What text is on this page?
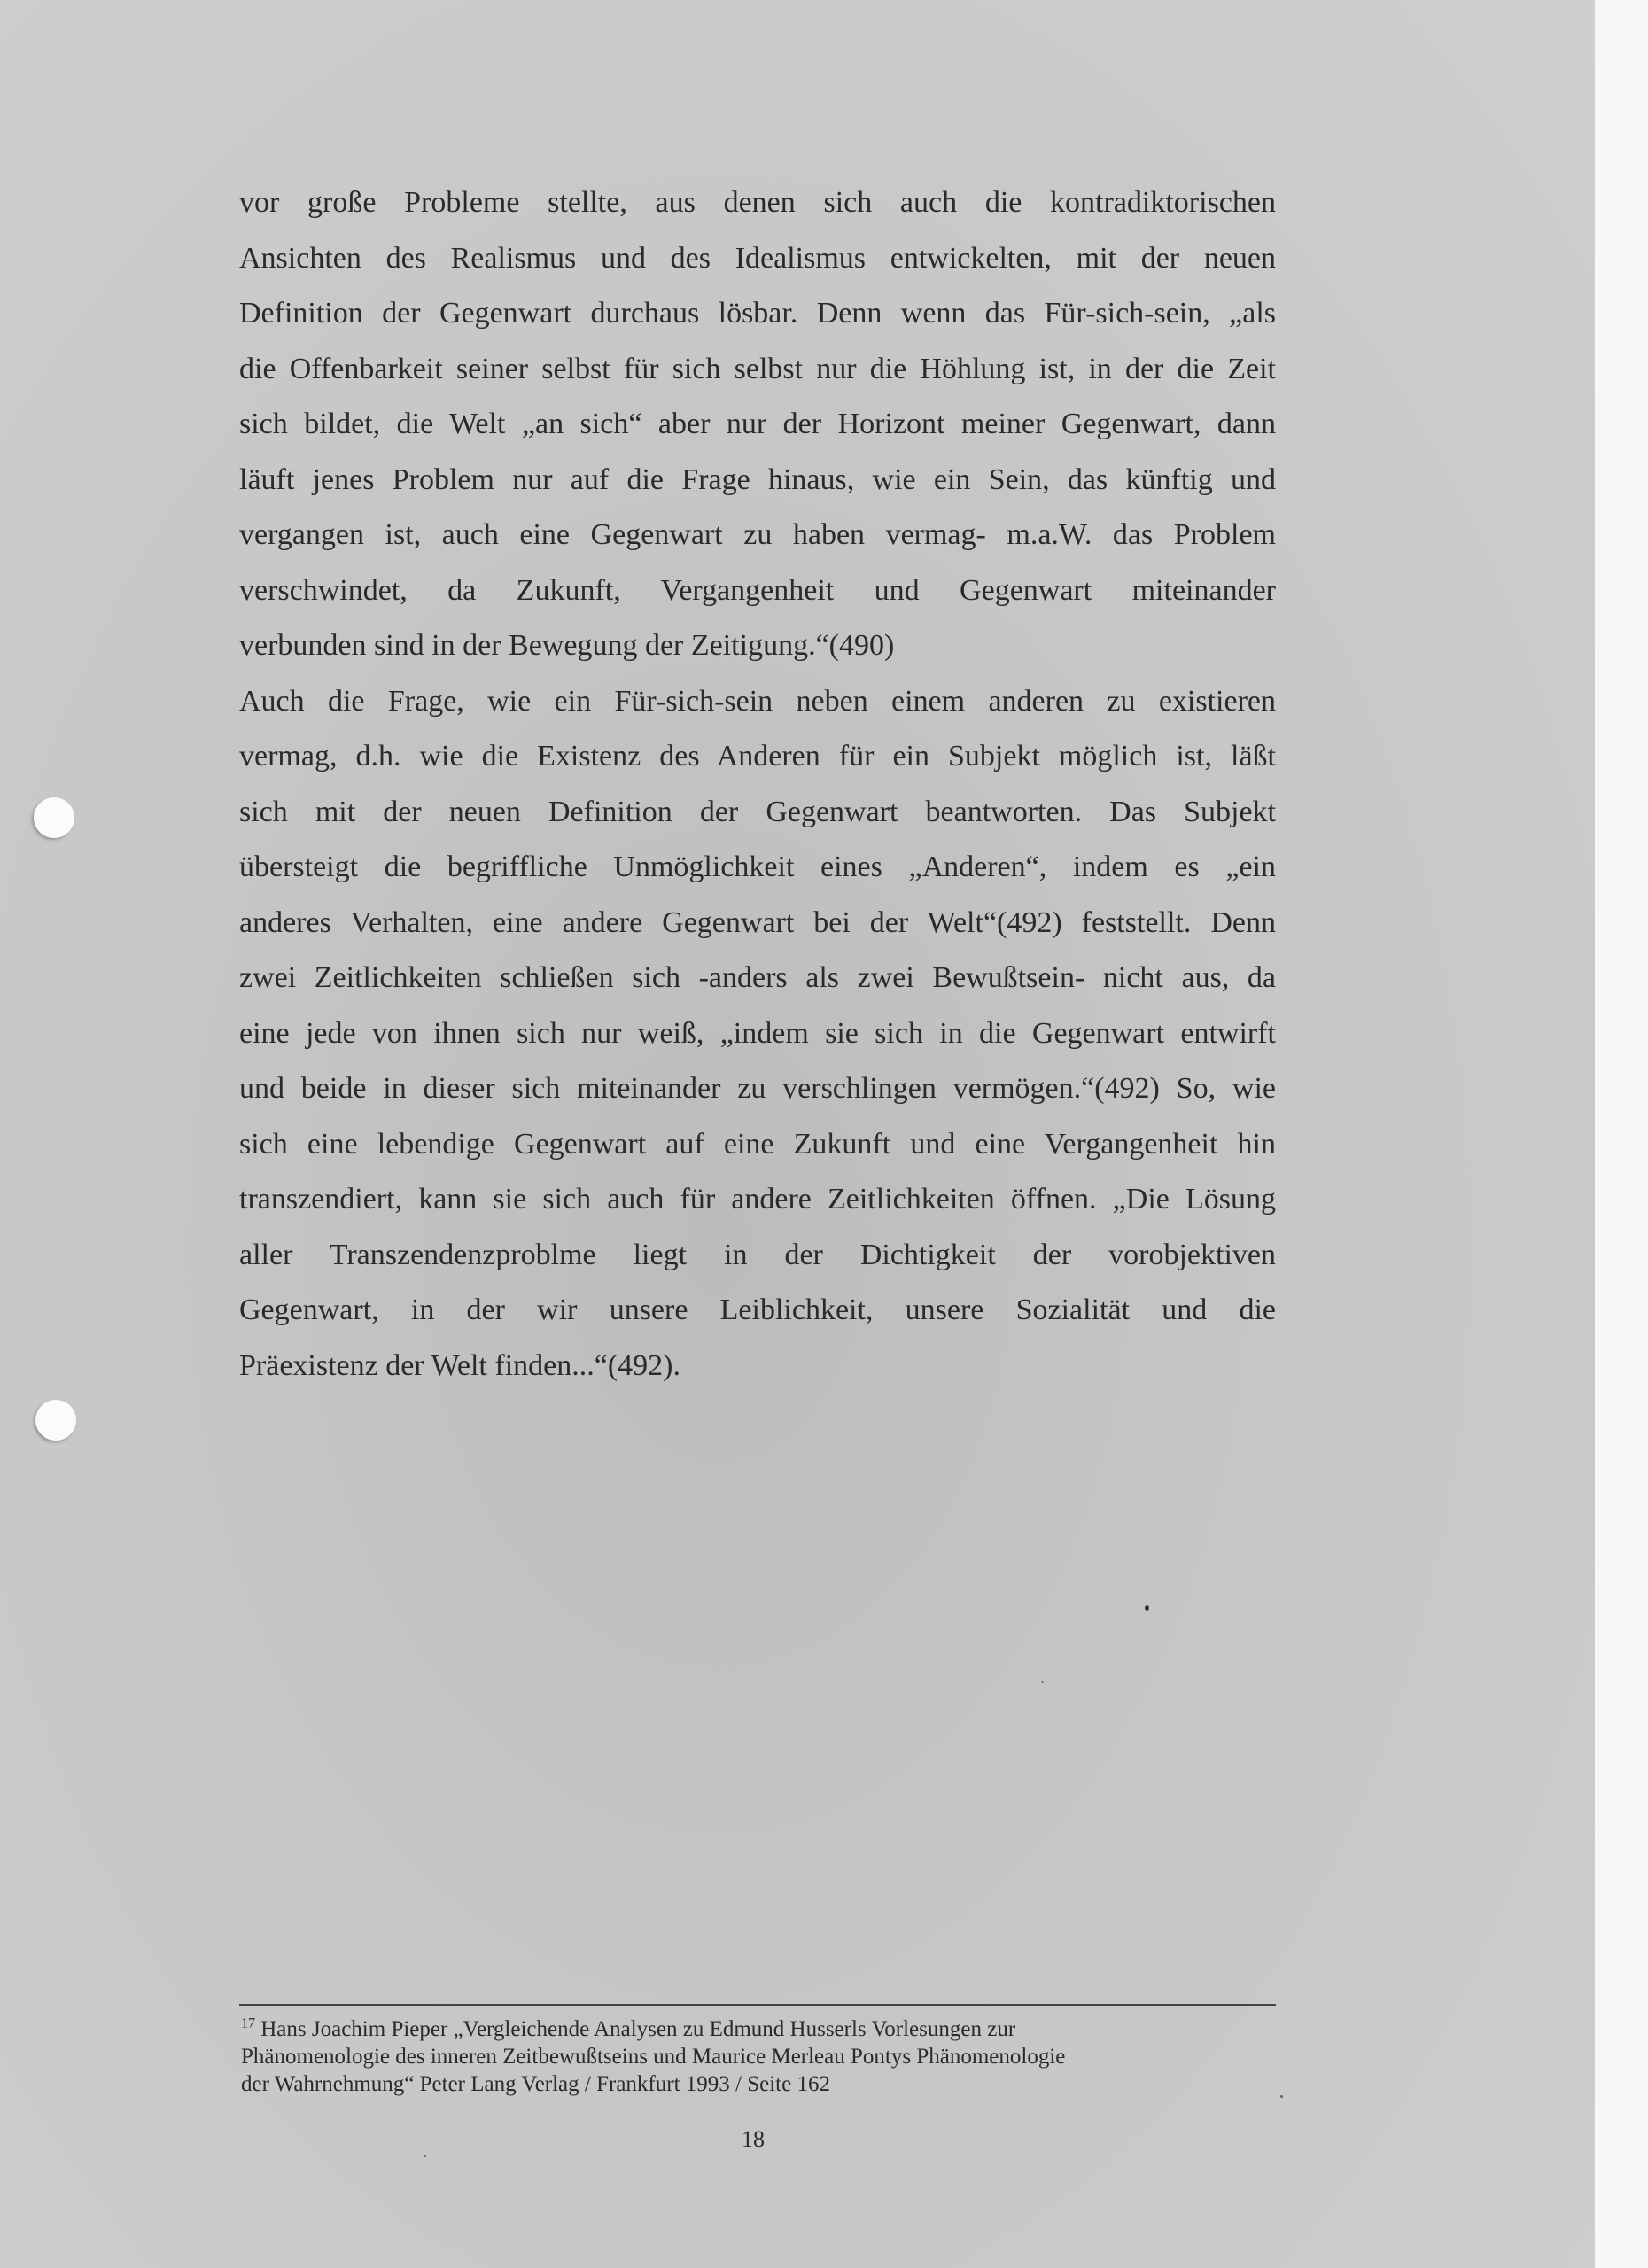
vor große Probleme stellte, aus denen sich auch die kontradiktorischen
Ansichten des Realismus und des Idealismus entwickelten, mit der neuen
Definition der Gegenwart durchaus lösbar. Denn wenn das Für-sich-sein, „als
die Offenbarkeit seiner selbst für sich selbst nur die Höhlung ist, in der die Zeit
sich bildet, die Welt „an sich“ aber nur der Horizont meiner Gegenwart, dann
läuft jenes Problem nur auf die Frage hinaus, wie ein Sein, das künftig und
vergangen ist, auch eine Gegenwart zu haben vermag- m.a.W. das Problem
verschwindet, da Zukunft, Vergangenheit und Gegenwart miteinander
verbunden sind in der Bewegung der Zeitigung.“(490)
Auch die Frage, wie ein Für-sich-sein neben einem anderen zu existieren
vermag, d.h. wie die Existenz des Anderen für ein Subjekt möglich ist, läßt
sich mit der neuen Definition der Gegenwart beantworten. Das Subjekt
übersteigt die begriffliche Unmöglichkeit eines „Anderen“, indem es „ein
anderes Verhalten, eine andere Gegenwart bei der Welt“(492) feststellt. Denn
zwei Zeitlichkeiten schließen sich -anders als zwei Bewußtsein- nicht aus, da
eine jede von ihnen sich nur weiß, „indem sie sich in die Gegenwart entwirft
und beide in dieser sich miteinander zu verschlingen vermögen.“(492) So, wie
sich eine lebendige Gegenwart auf eine Zukunft und eine Vergangenheit hin
transzendiert, kann sie sich auch für andere Zeitlichkeiten öffnen. „Die Lösung
aller Transzendenzproblme liegt in der Dichtigkeit der vorobjektiven
Gegenwart, in der wir unsere Leiblichkeit, unsere Sozialität und die
Präexistenz der Welt finden...“(492).
$^{17}$ Hans Joachim Pieper „Vergleichende Analysen zu Edmund Husserls Vorlesungen zur
Phänomenologie des inneren Zeitbewußtseins und Maurice Merleau Pontys Phänomenologie
der Wahrnehmung“ Peter Lang Verlag / Frankfurt 1993 / Seite 162
18
